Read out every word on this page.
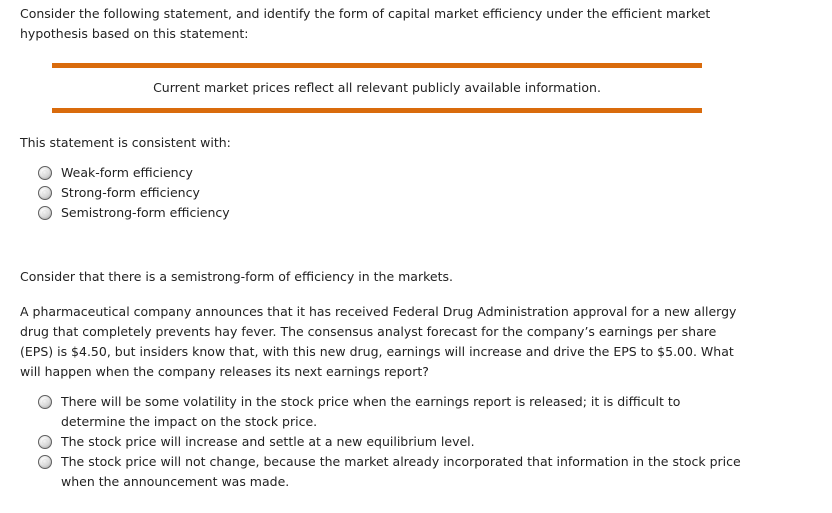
Consider the following statement, and identify the form of capital market efficiency under the efficient market hypothesis based on this statement:

Current market prices reflect all relevant publicly available information.

This statement is consistent with:

Weak-form efficiency
Strong-form efficiency
Semistrong-form efficiency

Consider that there is a semistrong-form of efficiency in the markets.

A pharmaceutical company announces that it has received Federal Drug Administration approval for a new allergy drug that completely prevents hay fever. The consensus analyst forecast for the company’s earnings per share (EPS) is $4.50, but insiders know that, with this new drug, earnings will increase and drive the EPS to $5.00. What will happen when the company releases its next earnings report?

There will be some volatility in the stock price when the earnings report is released; it is difficult to determine the impact on the stock price.
The stock price will increase and settle at a new equilibrium level.
The stock price will not change, because the market already incorporated that information in the stock price when the announcement was made.
